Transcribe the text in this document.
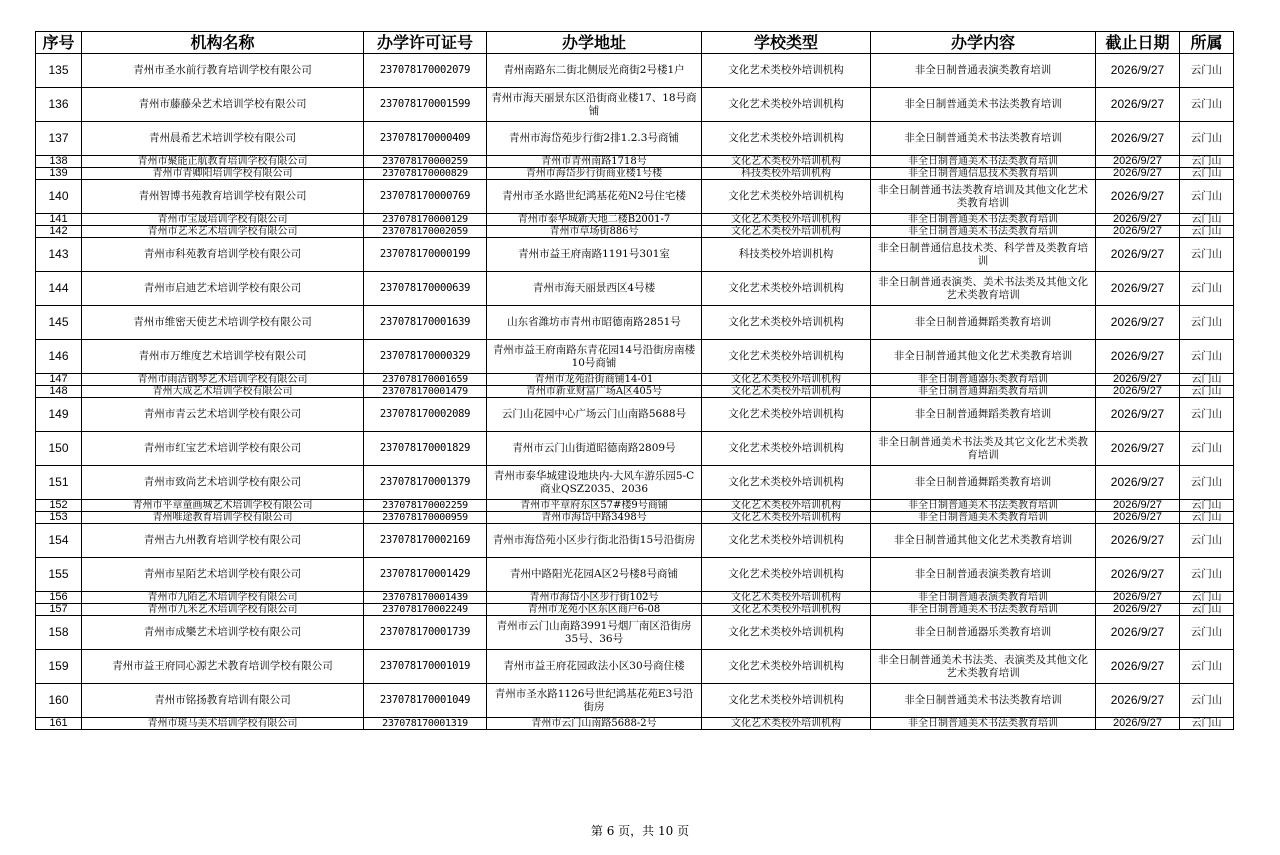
序号	机构名称	办学许可证号	办学地址	学校类型	办学内容	截止日期	所属
135	青州市圣水前行教育培训学校有限公司	237078170002079	青州南路东二街北侧辰光商街2号楼1户	文化艺术类校外培训机构	非全日制普通表演类教育培训	2026/9/27	云门山
136	青州市藤藤朵艺术培训学校有限公司	237078170001599	青州市海天丽景东区沿街商业楼17、18号商铺	文化艺术类校外培训机构	非全日制普通美术书法类教育培训	2026/9/27	云门山
137	青州晨希艺术培训学校有限公司	237078170000409	青州市海岱苑步行街2排1.2.3号商铺	文化艺术类校外培训机构	非全日制普通美术书法类教育培训	2026/9/27	云门山
138	青州市聚能正航教育培训学校有限公司	237078170000259	青州市青州南路1718号	文化艺术类校外培训机构	非全日制普通美术书法类教育培训	2026/9/27	云门山
139	青州市青卿阳培训学校有限公司	237078170000829	青州市海岱步行街商业楼1号楼	科技类校外培训机构	非全日制普通信息技术类教育培训	2026/9/27	云门山
140	青州智博书苑教育培训学校有限公司	237078170000769	青州市圣水路世纪鸿基花苑N2号住宅楼	文化艺术类校外培训机构	非全日制普通书法类教育培训及其他文化艺术类教育培训	2026/9/27	云门山
141	青州市宝晟培训学校有限公司	237078170000129	青州市泰华城新天地二楼B2001-7	文化艺术类校外培训机构	非全日制普通美术书法类教育培训	2026/9/27	云门山
142	青州市艺米艺术培训学校有限公司	237078170002059	青州市草场街886号	文化艺术类校外培训机构	非全日制普通美术书法类教育培训	2026/9/27	云门山
143	青州市科苑教育培训学校有限公司	237078170000199	青州市益王府南路1191号301室	科技类校外培训机构	非全日制普通信息技术类、科学普及类教育培训	2026/9/27	云门山
144	青州市启迪艺术培训学校有限公司	237078170000639	青州市海天丽景西区4号楼	文化艺术类校外培训机构	非全日制普通表演类、美术书法类及其他文化艺术类教育培训	2026/9/27	云门山
145	青州市维密天使艺术培训学校有限公司	237078170001639	山东省潍坊市青州市昭德南路2851号	文化艺术类校外培训机构	非全日制普通舞蹈类教育培训	2026/9/27	云门山
146	青州市万维度艺术培训学校有限公司	237078170000329	青州市益王府南路东青花园14号沿街房南楼10号商铺	文化艺术类校外培训机构	非全日制普通其他文化艺术类教育培训	2026/9/27	云门山
147	青州市雨洁钢琴艺术培训学校有限公司	237078170001659	青州市龙苑沿街商铺14-01	文化艺术类校外培训机构	非全日制普通器乐类教育培训	2026/9/27	云门山
148	青州大成艺术培训学校有限公司	237078170001479	青州市新亚财富广场A区405号	文化艺术类校外培训机构	非全日制普通舞蹈类教育培训	2026/9/27	云门山
149	青州市青云艺术培训学校有限公司	237078170002089	云门山花园中心广场云门山南路5688号	文化艺术类校外培训机构	非全日制普通舞蹈类教育培训	2026/9/27	云门山
150	青州市红宝艺术培训学校有限公司	237078170001829	青州市云门山街道昭德南路2809号	文化艺术类校外培训机构	非全日制普通美术书法类及其它文化艺术类教育培训	2026/9/27	云门山
151	青州市致尚艺术培训学校有限公司	237078170001379	青州市泰华城建设地块内-大风车游乐园5-C商业QSZ2035、2036	文化艺术类校外培训机构	非全日制普通舞蹈类教育培训	2026/9/27	云门山
152	青州市平章童画城艺术培训学校有限公司	237078170002259	青州市平章府东区57#楼9号商铺	文化艺术类校外培训机构	非全日制普通美术书法类教育培训	2026/9/27	云门山
153	青州唯途教育培训学校有限公司	237078170000959	青州市海岱中路3498号	文化艺术类校外培训机构	非全日制普通美术类教育培训	2026/9/27	云门山
154	青州古九州教育培训学校有限公司	237078170002169	青州市海岱苑小区步行街北沿街15号沿街房	文化艺术类校外培训机构	非全日制普通其他文化艺术类教育培训	2026/9/27	云门山
155	青州市星陌艺术培训学校有限公司	237078170001429	青州中路阳光花园A区2号楼8号商铺	文化艺术类校外培训机构	非全日制普通表演类教育培训	2026/9/27	云门山
156	青州市九陌艺术培训学校有限公司	237078170001439	青州市海岱小区步行街102号	文化艺术类校外培训机构	非全日制普通表演类教育培训	2026/9/27	云门山
157	青州市九米艺术培训学校有限公司	237078170002249	青州市龙苑小区东区商户6-08	文化艺术类校外培训机构	非全日制普通美术书法类教育培训	2026/9/27	云门山
158	青州市成樂艺术培训学校有限公司	237078170001739	青州市云门山南路3991号烟厂南区沿街房35号、36号	文化艺术类校外培训机构	非全日制普通器乐类教育培训	2026/9/27	云门山
159	青州市益王府同心源艺术教育培训学校有限公司	237078170001019	青州市益王府花园政法小区30号商住楼	文化艺术类校外培训机构	非全日制普通美术书法类、表演类及其他文化艺术类教育培训	2026/9/27	云门山
160	青州市铭扬教育培训有限公司	237078170001049	青州市圣水路1126号世纪鸿基花苑E3号沿街房	文化艺术类校外培训机构	非全日制普通美术书法类教育培训	2026/9/27	云门山
161	青州市斑马美术培训学校有限公司	237078170001319	青州市云门山南路5688-2号	文化艺术类校外培训机构	非全日制普通美术书法类教育培训	2026/9/27	云门山
第 6 页，共 10 页
